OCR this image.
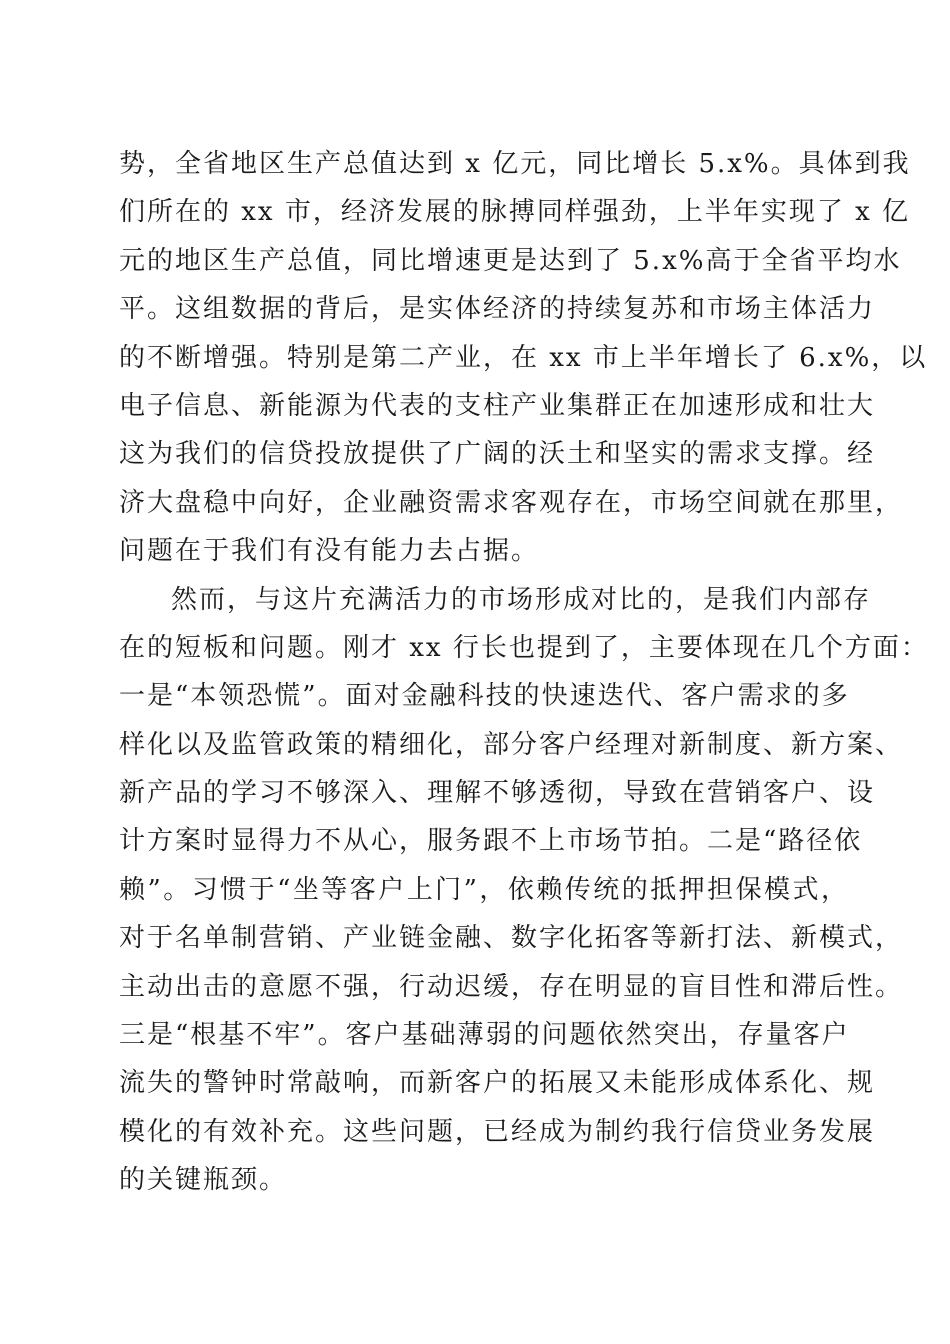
势，全省地区生产总值达到 x 亿元，同比增长 5.x%。具体到我
们所在的 xx 市，经济发展的脉搏同样强劲，上半年实现了 x 亿
元的地区生产总值，同比增速更是达到了 5.x%高于全省平均水
平。这组数据的背后，是实体经济的持续复苏和市场主体活力
的不断增强。特别是第二产业，在 xx 市上半年增长了 6.x%，以
电子信息、新能源为代表的支柱产业集群正在加速形成和壮大
这为我们的信贷投放提供了广阔的沃土和坚实的需求支撑。经
济大盘稳中向好，企业融资需求客观存在，市场空间就在那里，
问题在于我们有没有能力去占据。
然而，与这片充满活力的市场形成对比的，是我们内部存
在的短板和问题。刚才 xx 行长也提到了，主要体现在几个方面：
一是“本领恐慌”。面对金融科技的快速迭代、客户需求的多
样化以及监管政策的精细化，部分客户经理对新制度、新方案、
新产品的学习不够深入、理解不够透彻，导致在营销客户、设
计方案时显得力不从心，服务跟不上市场节拍。二是“路径依
赖”。习惯于“坐等客户上门”，依赖传统的抵押担保模式，
对于名单制营销、产业链金融、数字化拓客等新打法、新模式，
主动出击的意愿不强，行动迟缓，存在明显的盲目性和滞后性。
三是“根基不牢”。客户基础薄弱的问题依然突出，存量客户
流失的警钟时常敲响，而新客户的拓展又未能形成体系化、规
模化的有效补充。这些问题，已经成为制约我行信贷业务发展
的关键瓶颈。
